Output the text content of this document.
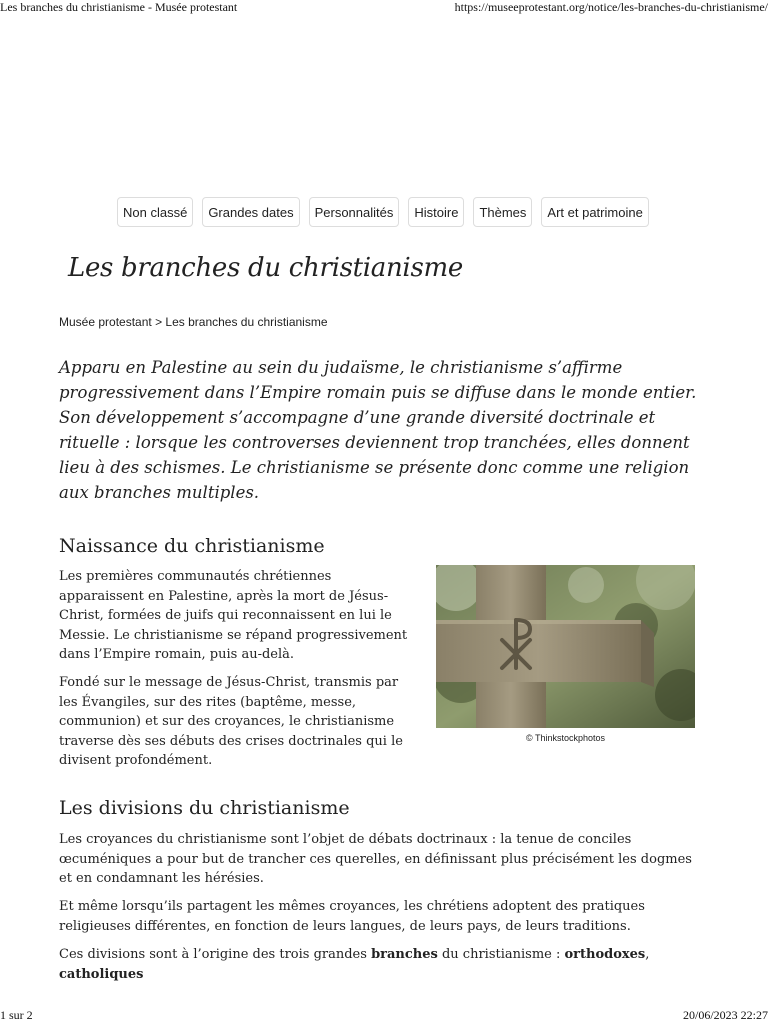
Les branches du christianisme - Musée protestant	https://museeprotestant.org/notice/les-branches-du-christianisme/
Non classé	Grandes dates	Personnalités	Histoire	Thèmes	Art et patrimoine
Les branches du christianisme
Musée protestant > Les branches du christianisme

Apparu en Palestine au sein du judaïsme, le christianisme s’affirme progressivement dans l’Empire romain puis se diffuse dans le monde entier. Son développement s’accompagne d’une grande diversité doctrinale et rituelle : lorsque les controverses deviennent trop tranchées, elles donnent lieu à des schismes. Le christianisme se présente donc comme une religion aux branches multiples.

Naissance du christianisme

Les premières communautés chrétiennes apparaissent en Palestine, après la mort de Jésus-Christ, formées de juifs qui reconnaissent en lui le Messie. Le christianisme se répand progressivement dans l’Empire romain, puis au-delà.

Fondé sur le message de Jésus-Christ, transmis par les Évangiles, sur des rites (baptême, messe, communion) et sur des croyances, le christianisme traverse dès ses débuts des crises doctrinales qui le divisent profondément.

© Thinkstockphotos
Les divisions du christianisme

Les croyances du christianisme sont l’objet de débats doctrinaux : la tenue de conciles œcuméniques a pour but de trancher ces querelles, en définissant plus précisément les dogmes et en condamnant les hérésies.

Et même lorsqu’ils partagent les mêmes croyances, les chrétiens adoptent des pratiques religieuses différentes, en fonction de leurs langues, de leurs pays, de leurs traditions.

Ces divisions sont à l’origine des trois grandes branches du christianisme : orthodoxes, catholiques

1 sur 2	20/06/2023 22:27
